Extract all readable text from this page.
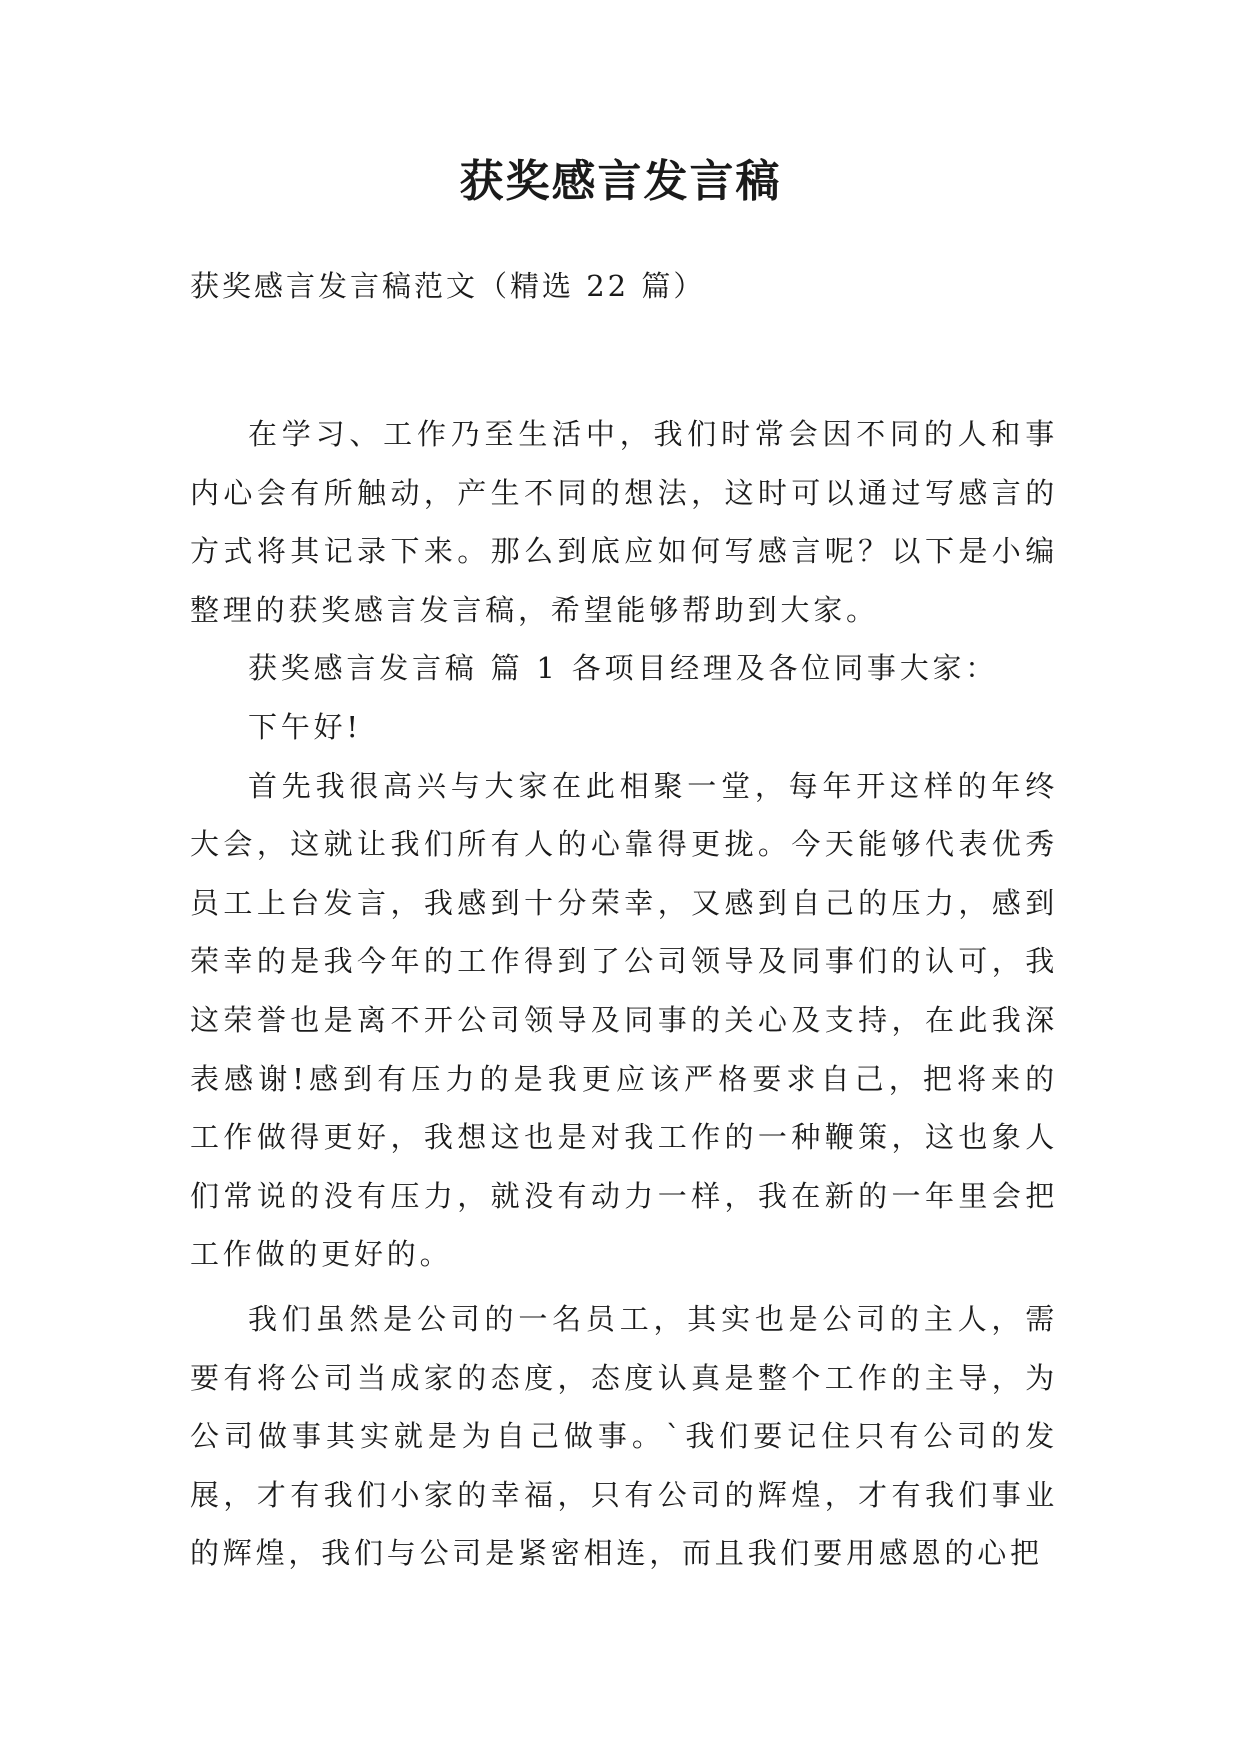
获奖感言发言稿
获奖感言发言稿范文（精选 22 篇）

在学习、工作乃至生活中，我们时常会因不同的人和事内心会有所触动，产生不同的想法，这时可以通过写感言的方式将其记录下来。那么到底应如何写感言呢？以下是小编整理的获奖感言发言稿，希望能够帮助到大家。

获奖感言发言稿 篇 1 各项目经理及各位同事大家：

下午好!

首先我很高兴与大家在此相聚一堂，每年开这样的年终大会，这就让我们所有人的心靠得更拢。今天能够代表优秀员工上台发言，我感到十分荣幸，又感到自己的压力，感到荣幸的是我今年的工作得到了公司领导及同事们的认可，我这荣誉也是离不开公司领导及同事的关心及支持，在此我深表感谢!感到有压力的是我更应该严格要求自己，把将来的工作做得更好，我想这也是对我工作的一种鞭策，这也象人们常说的没有压力，就没有动力一样，我在新的一年里会把工作做的更好的。

我们虽然是公司的一名员工，其实也是公司的主人，需要有将公司当成家的态度，态度认真是整个工作的主导，为公司做事其实就是为自己做事。`我们要记住只有公司的发展，才有我们小家的幸福，只有公司的辉煌，才有我们事业的辉煌，我们与公司是紧密相连，而且我们要用感恩的心把
